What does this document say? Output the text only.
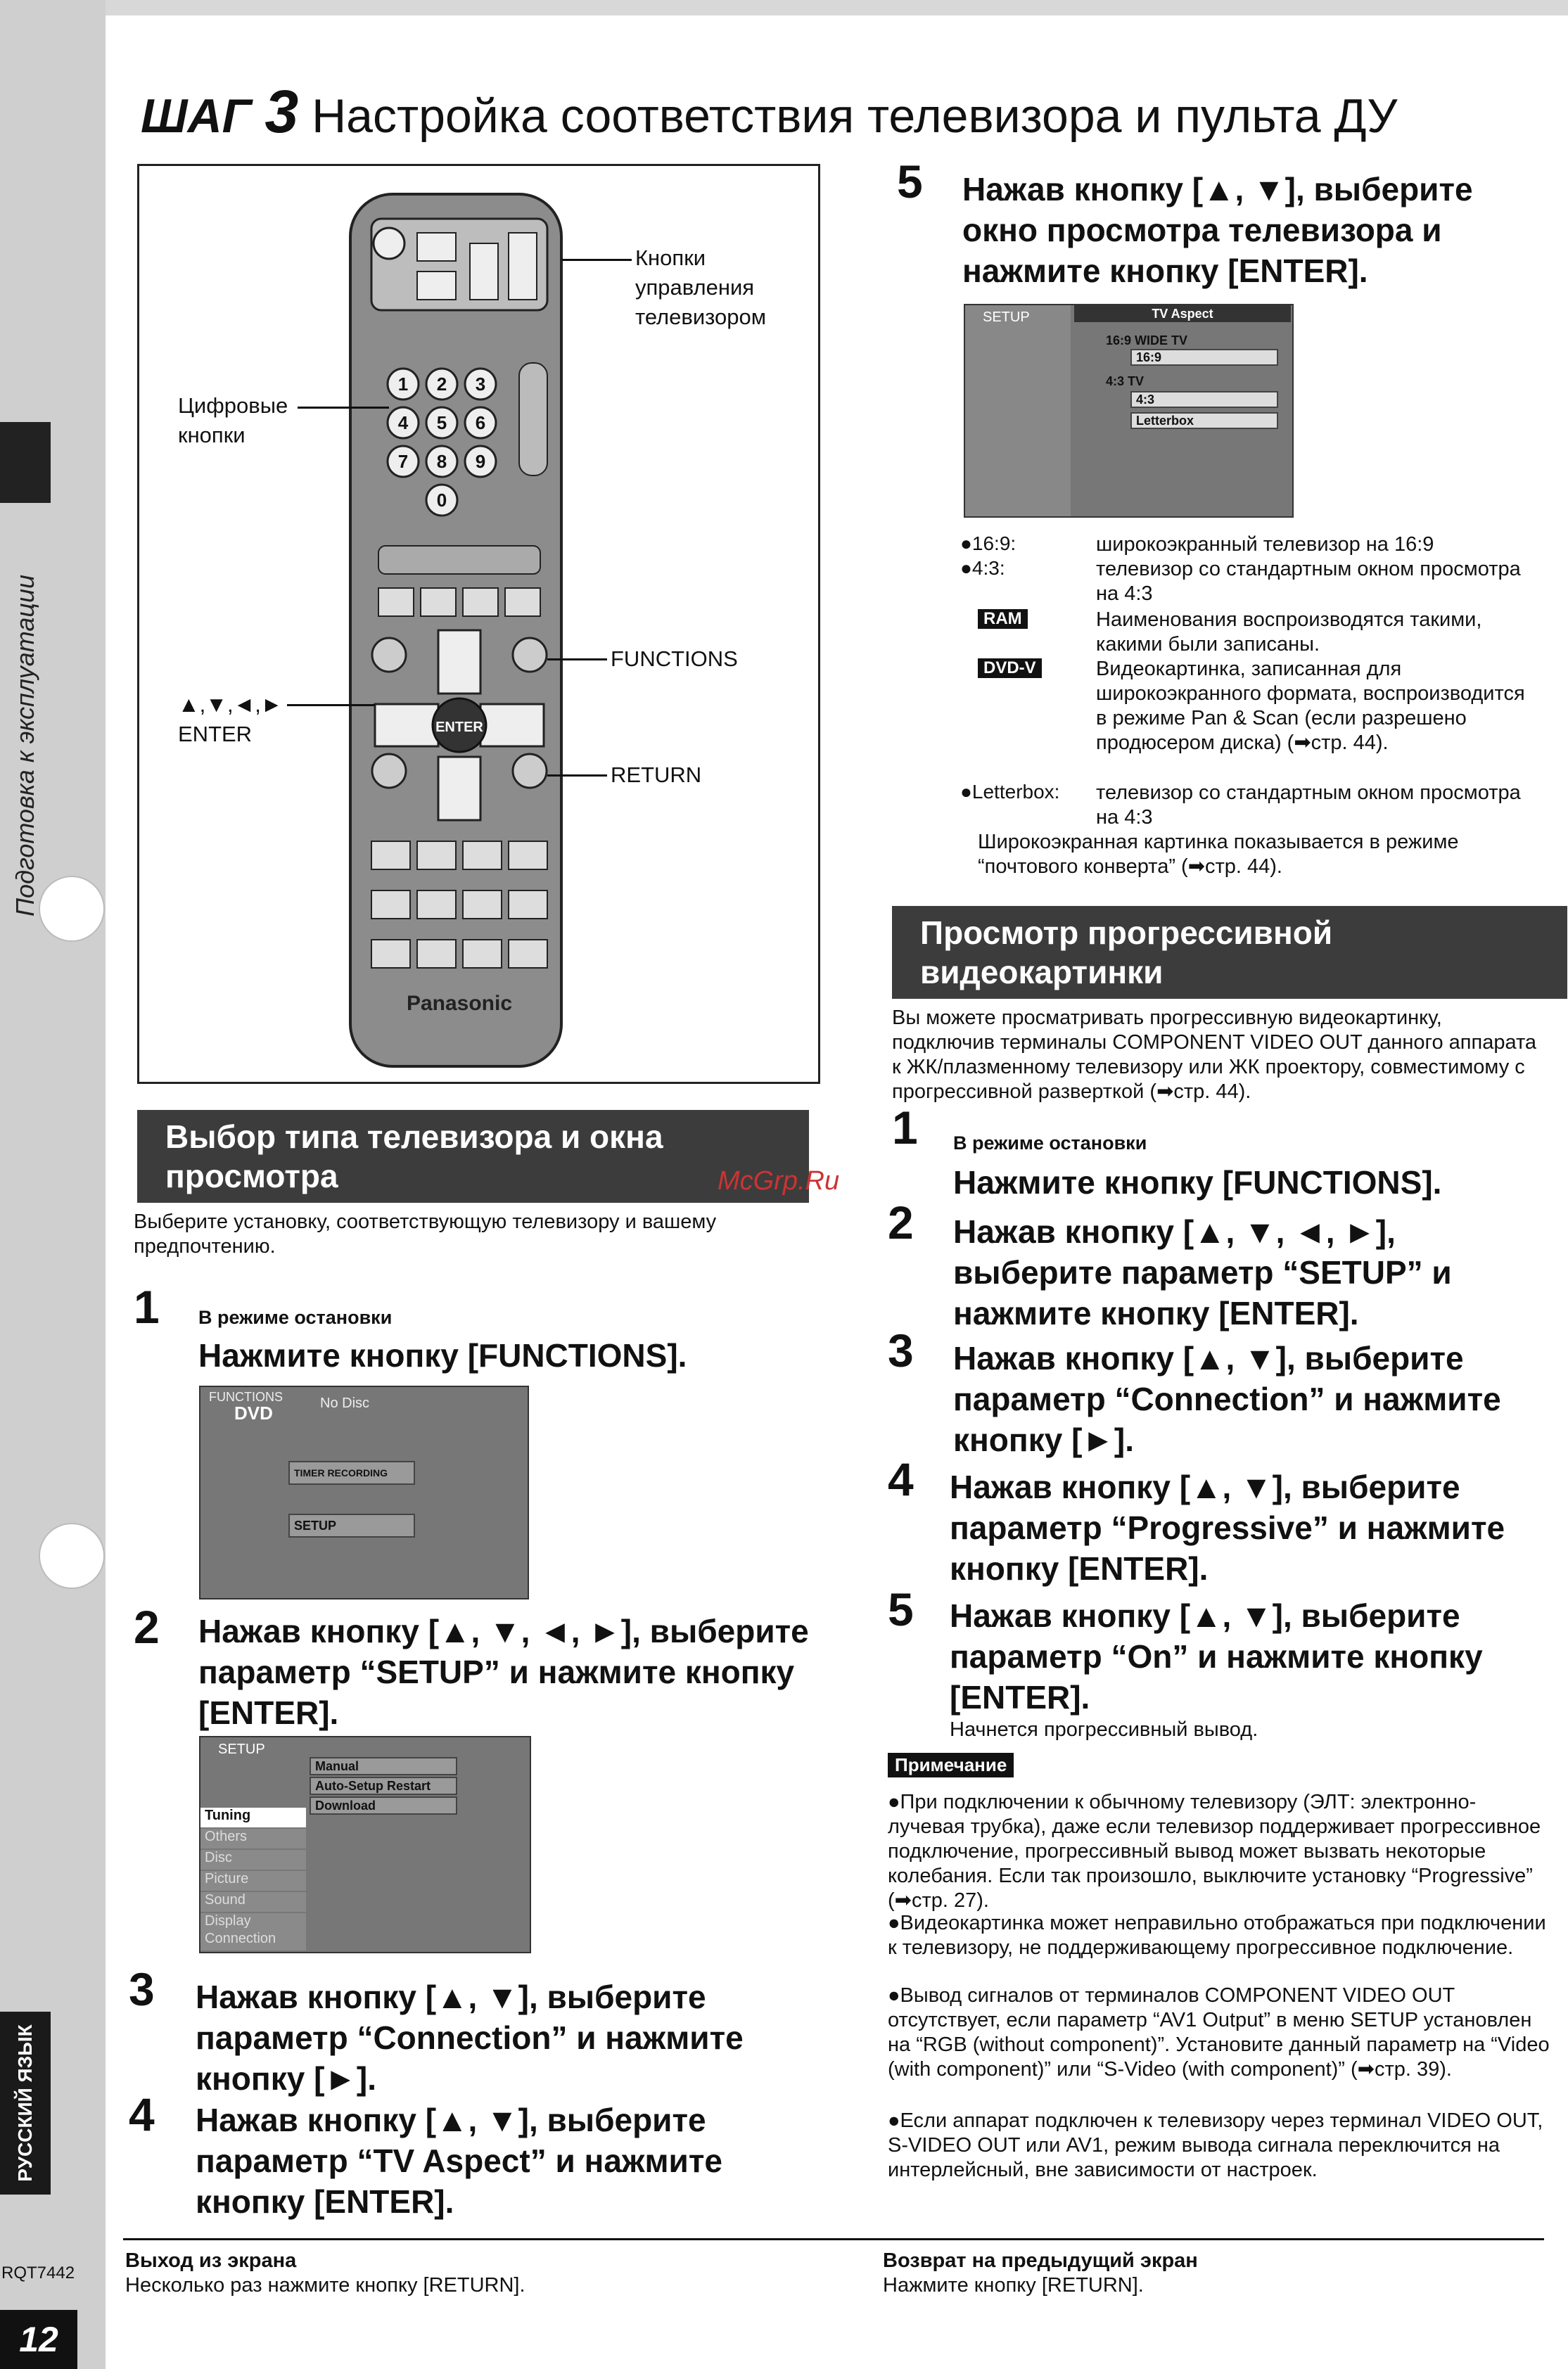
Подготовка к эксплуатации
РУССКИЙ ЯЗЫК
RQT7442
12
ШАГ 3 Настройка соответствия телевизора и пульта ДУ
1 2 3
4 5 6
7 8 9
0
ENTER
Panasonic
Кнопки
управления
телевизором
Цифровые
кнопки
FUNCTIONS
▲,▼,◄,►
ENTER
RETURN
Выбор типа телевизора и окна просмотра	McGrp.Ru
Выберите установку, соответствующую телевизору и вашему предпочтению.
1 В режиме остановки
Нажмите кнопку [FUNCTIONS].
FUNCTIONS
DVD	No Disc
TIMER RECORDING
SETUP
2 Нажав кнопку [▲, ▼, ◄, ►], выберите параметр “SETUP” и нажмите кнопку [ENTER].
SETUP
Manual
Auto-Setup Restart
Download
Tuning
Others
Disc
Picture
Sound
Display
Connection
3 Нажав кнопку [▲, ▼], выберите параметр “Connection” и нажмите кнопку [►].
4 Нажав кнопку [▲, ▼], выберите параметр “TV Aspect” и нажмите кнопку [ENTER].
5 Нажав кнопку [▲, ▼], выберите окно просмотра телевизора и нажмите кнопку [ENTER].
SETUP	TV Aspect
16:9 WIDE TV
16:9
4:3 TV
4:3
Letterbox
●16:9:	широкоэкранный телевизор на 16:9
●4:3:	телевизор со стандартным окном просмотра на 4:3
RAM	Наименования воспроизводятся такими, какими были записаны.
DVD-V	Видеокартинка, записанная для широкоэкранного формата, воспроизводится в режиме Pan & Scan (если разрешено продюсером диска) (➡стр. 44).
●Letterbox: телевизор со стандартным окном просмотра на 4:3
Широкоэкранная картинка показывается в режиме “почтового конверта” (➡стр. 44).
Просмотр прогрессивной видеокартинки
Вы можете просматривать прогрессивную видеокартинку, подключив терминалы COMPONENT VIDEO OUT данного аппарата к ЖК/плазменному телевизору или ЖК проектору, совместимому с прогрессивной разверткой (➡стр. 44).
1 В режиме остановки
Нажмите кнопку [FUNCTIONS].
2 Нажав кнопку [▲, ▼, ◄, ►], выберите параметр “SETUP” и нажмите кнопку [ENTER].
3 Нажав кнопку [▲, ▼], выберите параметр “Connection” и нажмите кнопку [►].
4 Нажав кнопку [▲, ▼], выберите параметр “Progressive” и нажмите кнопку [ENTER].
5 Нажав кнопку [▲, ▼], выберите параметр “On” и нажмите кнопку [ENTER].
Начнется прогрессивный вывод.
Примечание
●При подключении к обычному телевизору (ЭЛТ: электронно-лучевая трубка), даже если телевизор поддерживает прогрессивное подключение, прогрессивный вывод может вызвать некоторые колебания. Если так произошло, выключите установку “Progressive” (➡стр. 27).
●Видеокартинка может неправильно отображаться при подключении к телевизору, не поддерживающему прогрессивное подключение.
●Вывод сигналов от терминалов COMPONENT VIDEO OUT отсутствует, если параметр “AV1 Output” в меню SETUP установлен на “RGB (without component)”. Установите данный параметр на “Video (with component)” или “S-Video (with component)” (➡стр. 39).
●Если аппарат подключен к телевизору через терминал VIDEO OUT, S-VIDEO OUT или AV1, режим вывода сигнала переключится на интерлейсный, вне зависимости от настроек.
Выход из экрана
Несколько раз нажмите кнопку [RETURN].
Возврат на предыдущий экран
Нажмите кнопку [RETURN].
